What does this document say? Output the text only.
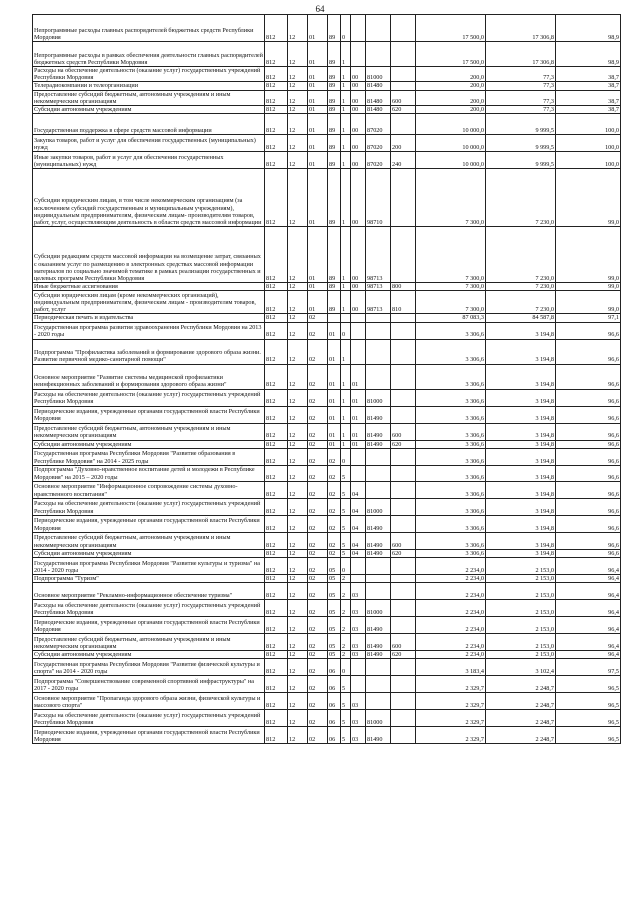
64
Непрограммные расходы главных распорядителей бюджетных средств Республики Мордовия	812	12	01	89	0				17 500,0	17 306,8	98,9
Непрограммные расходы в рамках обеспечения деятельности главных распорядителей бюджетных средств Республики Мордовия	812	12	01	89	1				17 500,0	17 306,8	98,9
Расходы на обеспечение деятельности (оказание услуг) государственных учреждений Республики Мордовия	812	12	01	89	1	00	81000		200,0	77,3	38,7
Телерадиокомпании и телеорганизации	812	12	01	89	1	00	81480		200,0	77,3	38,7
Предоставление субсидий бюджетным, автономным учреждениям и иным некоммерческим организациям	812	12	01	89	1	00	81480	600	200,0	77,3	38,7
Субсидии автономным учреждениям	812	12	01	89	1	00	81480	620	200,0	77,3	38,7
Государственная поддержка в сфере средств массовой информации	812	12	01	89	1	00	87020		10 000,0	9 999,5	100,0
Закупка товаров, работ и услуг для обеспечения государственных (муниципальных) нужд	812	12	01	89	1	00	87020	200	10 000,0	9 999,5	100,0
Иные закупки товаров, работ и услуг для обеспечения государственных (муниципальных) нужд	812	12	01	89	1	00	87020	240	10 000,0	9 999,5	100,0
Субсидии юридическим лицам, в том числе некоммерческим организациям (за исключением субсидий государственным и муниципальным учреждениям), индивидуальным предпринимателям, физическим лицам- производителям товаров, работ, услуг, осуществляющим деятельность в области средств массовой информации	812	12	01	89	1	00	98710		7 300,0	7 230,0	99,0
Субсидии редакциям средств массовой информации на возмещение затрат, связанных с оказанием услуг по размещению в электронных средствах массовой информации материалов по социально значимой тематике в рамках реализации государственных и целевых программ Республики Мордовия	812	12	01	89	1	00	98713		7 300,0	7 230,0	99,0
Иные бюджетные ассигнования	812	12	01	89	1	00	98713	800	7 300,0	7 230,0	99,0
Субсидии юридическим лицам (кроме некоммерческих организаций), индивидуальным предпринимателям, физическим лицам - производителям товаров, работ, услуг	812	12	01	89	1	00	98713	810	7 300,0	7 230,0	99,0
Периодическая печать и издательства	812	12	02						87 083,3	84 587,8	97,1
Государственная программа развития здравоохранения Республики Мордовия на 2013 - 2020 годы	812	12	02	01	0				3 306,6	3 194,8	96,6
Подпрограмма "Профилактика заболеваний и формирование здорового образа жизни. Развитие первичной медико-санитарной помощи"	812	12	02	01	1				3 306,6	3 194,8	96,6
Основное мероприятие "Развитие системы медицинской профилактики неинфекционных заболеваний и формирования здорового образа жизни"	812	12	02	01	1	01			3 306,6	3 194,8	96,6
Расходы на обеспечение деятельности (оказание услуг) государственных учреждений Республики Мордовия	812	12	02	01	1	01	81000		3 306,6	3 194,8	96,6
Периодические издания, учрежденные органами государственной власти Республики Мордовия	812	12	02	01	1	01	81490		3 306,6	3 194,8	96,6
Предоставление субсидий бюджетным, автономным учреждениям и иным некоммерческим организациям	812	12	02	01	1	01	81490	600	3 306,6	3 194,8	96,6
Субсидии автономным учреждениям	812	12	02	01	1	01	81490	620	3 306,6	3 194,8	96,6
Государственная программа Республики Мордовия "Развитие образования в Республике Мордовия" на 2014 - 2025 годы	812	12	02	02	0				3 306,6	3 194,8	96,6
Подпрограмма "Духовно-нравственное воспитание детей и молодежи в Республике Мордовия" на 2015 – 2020 годы	812	12	02	02	5				3 306,6	3 194,8	96,6
Основное мероприятие "Информационное сопровождение системы духовно-нравственного воспитания"	812	12	02	02	5	04			3 306,6	3 194,8	96,6
Расходы на обеспечение деятельности (оказание услуг) государственных учреждений Республики Мордовия	812	12	02	02	5	04	81000		3 306,6	3 194,8	96,6
Периодические издания, учрежденные органами государственной власти Республики Мордовия	812	12	02	02	5	04	81490		3 306,6	3 194,8	96,6
Предоставление субсидий бюджетным, автономным учреждениям и иным некоммерческим организациям	812	12	02	02	5	04	81490	600	3 306,6	3 194,8	96,6
Субсидии автономным учреждениям	812	12	02	02	5	04	81490	620	3 306,6	3 194,8	96,6
Государственная программа Республики Мордовия "Развитие культуры и туризма" на 2014 - 2020 годы	812	12	02	05	0				2 234,0	2 153,0	96,4
Подпрограмма "Туризм"	812	12	02	05	2				2 234,0	2 153,0	96,4
Основное мероприятие "Рекламно-информационное обеспечение туризма"	812	12	02	05	2	03			2 234,0	2 153,0	96,4
Расходы на обеспечение деятельности (оказание услуг) государственных учреждений Республики Мордовия	812	12	02	05	2	03	81000		2 234,0	2 153,0	96,4
Периодические издания, учрежденные органами государственной власти Республики Мордовия	812	12	02	05	2	03	81490		2 234,0	2 153,0	96,4
Предоставление субсидий бюджетным, автономным учреждениям и иным некоммерческим организациям	812	12	02	05	2	03	81490	600	2 234,0	2 153,0	96,4
Субсидии автономным учреждениям	812	12	02	05	2	03	81490	620	2 234,0	2 153,0	96,4
Государственная программа Республики Мордовия "Развитие физической культуры и спорта" на 2014 - 2020 годы	812	12	02	06	0				3 183,4	3 102,4	97,5
Подпрограмма "Совершенствование современной спортивной инфраструктуры" на 2017 - 2020 годы	812	12	02	06	5				2 329,7	2 248,7	96,5
Основное мероприятие "Пропаганда здорового образа жизни, физической культуры и массового спорта"	812	12	02	06	5	03			2 329,7	2 248,7	96,5
Расходы на обеспечение деятельности (оказание услуг) государственных учреждений Республики Мордовия	812	12	02	06	5	03	81000		2 329,7	2 248,7	96,5
Периодические издания, учрежденные органами государственной власти Республики Мордовия	812	12	02	06	5	03	81490		2 329,7	2 248,7	96,5
